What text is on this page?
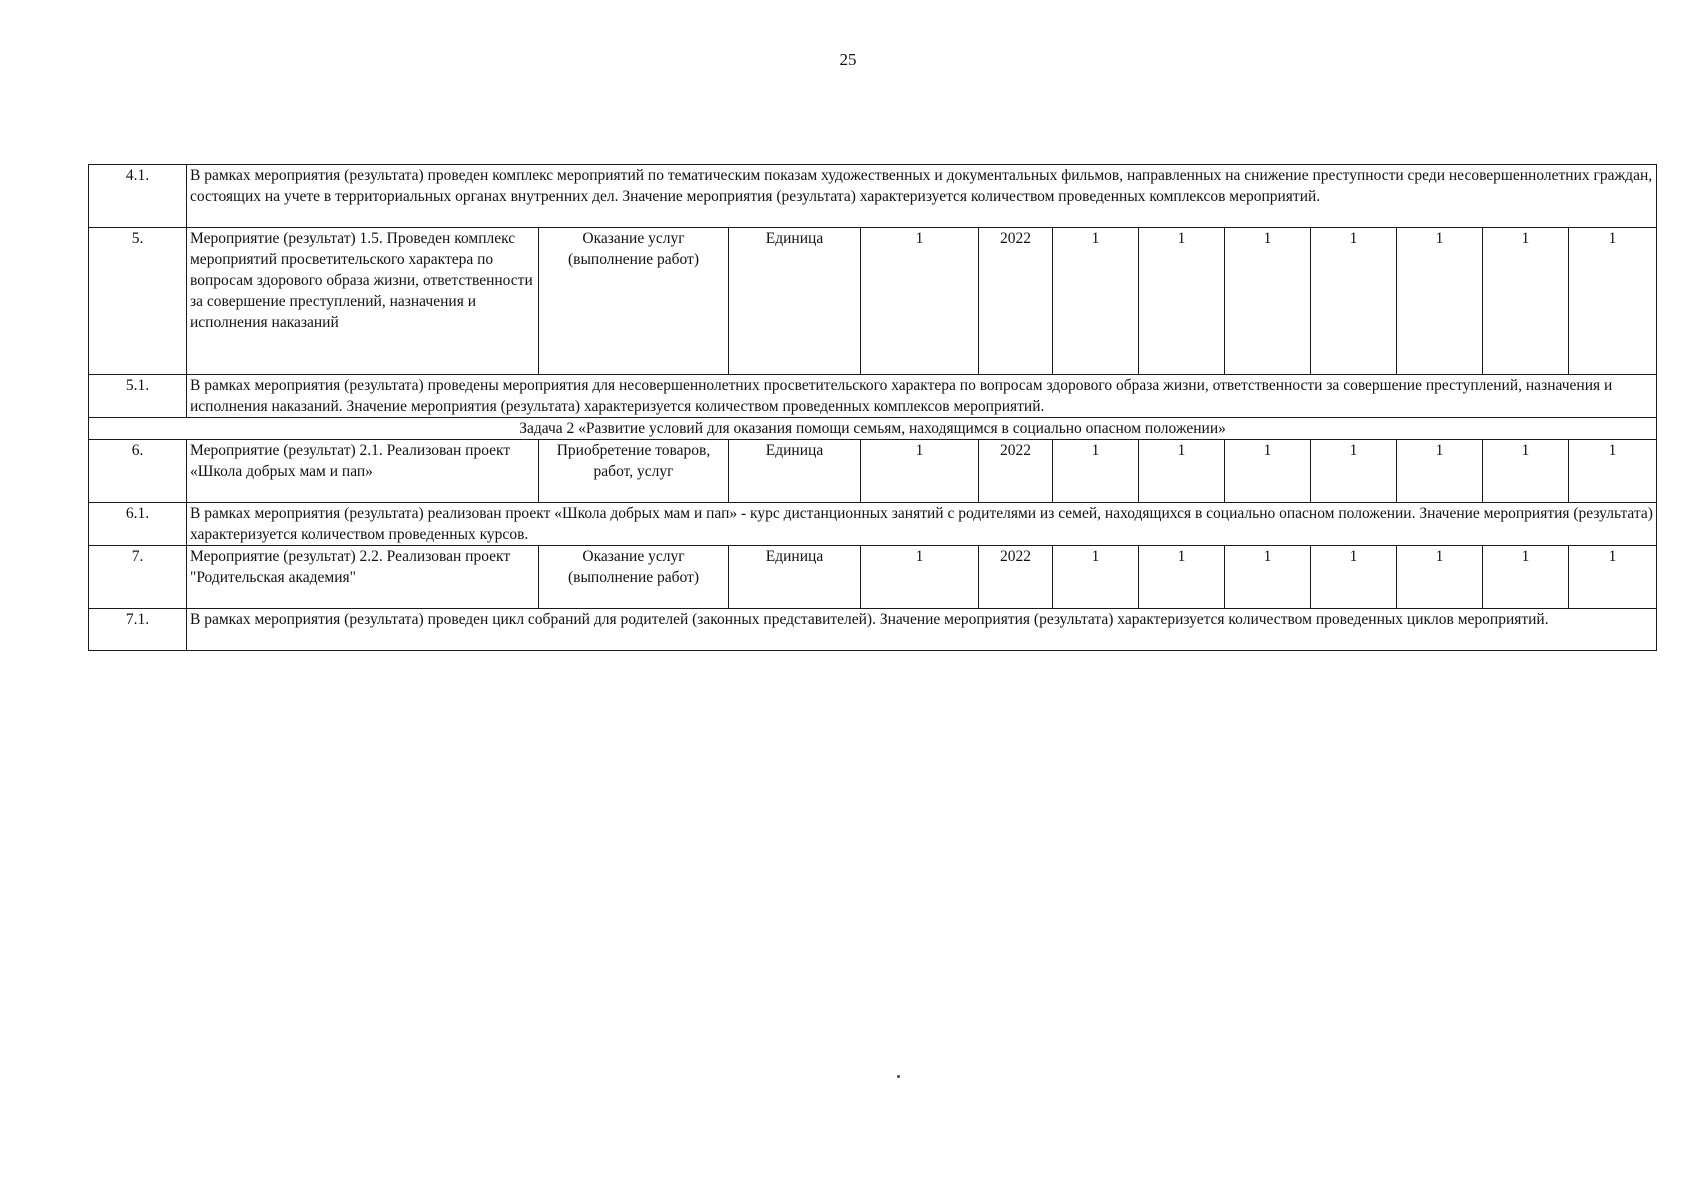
25
4.1.	В рамках мероприятия (результата) проведен комплекс мероприятий по тематическим показам художественных и документальных фильмов, направленных на снижение преступности среди несовершеннолетних граждан, состоящих на учете в территориальных органах внутренних дел. Значение мероприятия (результата) характеризуется количеством проведенных комплексов мероприятий.											
5.	Мероприятие (результат) 1.5. Проведен комплекс мероприятий просветительского характера по вопросам здорового образа жизни, ответственности за совершение преступлений, назначения и исполнения наказаний	Оказание услуг (выполнение работ)	Единица	1	2022	1	1	1	1	1	1	1
5.1.	В рамках мероприятия (результата) проведены мероприятия для несовершеннолетних просветительского характера по вопросам здорового образа жизни, ответственности за совершение преступлений, назначения и исполнения наказаний. Значение мероприятия (результата) характеризуется количеством проведенных комплексов мероприятий.											
Задача 2 «Развитие условий для оказания помощи семьям, находящимся в социально опасном положении»												
6.	Мероприятие (результат) 2.1. Реализован проект «Школа добрых мам и пап»	Приобретение товаров, работ, услуг	Единица	1	2022	1	1	1	1	1	1	1
6.1.	В рамках мероприятия (результата) реализован проект «Школа добрых мам и пап» - курс дистанционных занятий с родителями из семей, находящихся в социально опасном положении. Значение мероприятия (результата) характеризуется количеством проведенных курсов.											
7.	Мероприятие (результат) 2.2. Реализован проект "Родительская академия"	Оказание услуг (выполнение работ)	Единица	1	2022	1	1	1	1	1	1	1
7.1.	В рамках мероприятия (результата) проведен цикл собраний для родителей (законных представителей). Значение мероприятия (результата) характеризуется количеством проведенных циклов мероприятий.											
